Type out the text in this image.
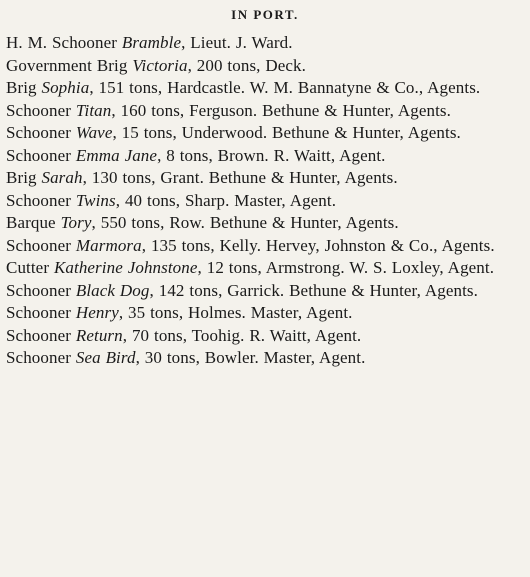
IN PORT.
H. M. Schooner Bramble, Lieut. J. Ward.
Government Brig Victoria, 200 tons, Deck.
Brig Sophia, 151 tons, Hardcastle. W. M. Bannatyne & Co., Agents.
Schooner Titan, 160 tons, Ferguson. Bethune & Hunter, Agents.
Schooner Wave, 15 tons, Underwood. Bethune & Hunter, Agents.
Schooner Emma Jane, 8 tons, Brown. R. Waitt, Agent.
Brig Sarah, 130 tons, Grant. Bethune & Hunter, Agents.
Schooner Twins, 40 tons, Sharp. Master, Agent.
Barque Tory, 550 tons, Row. Bethune & Hunter, Agents.
Schooner Marmora, 135 tons, Kelly. Hervey, Johnston & Co., Agents.
Cutter Katherine Johnstone, 12 tons, Armstrong. W. S. Loxley, Agent.
Schooner Black Dog, 142 tons, Garrick. Bethune & Hunter, Agents.
Schooner Henry, 35 tons, Holmes. Master, Agent.
Schooner Return, 70 tons, Toohig. R. Waitt, Agent.
Schooner Sea Bird, 30 tons, Bowler. Master, Agent.
